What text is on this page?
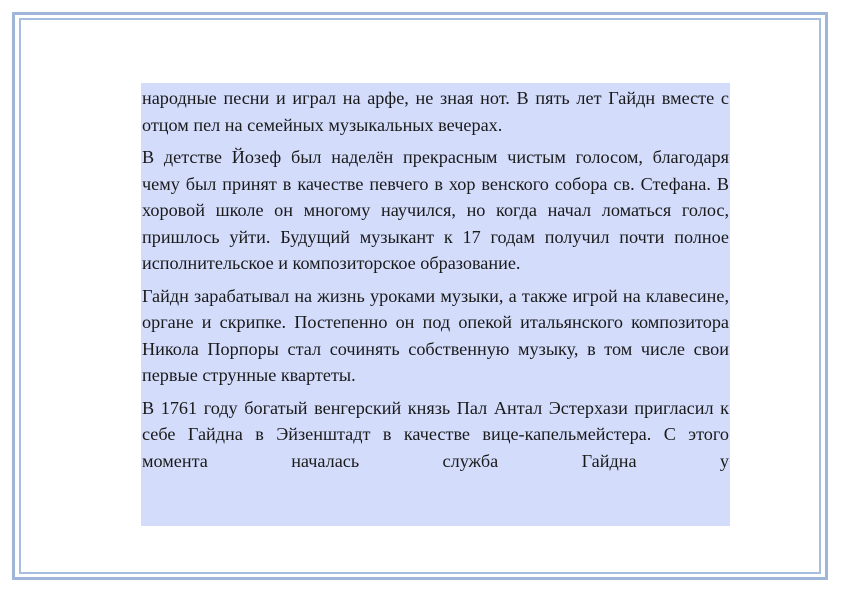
народные песни и играл на арфе, не зная нот. В пять лет Гайдн вместе с отцом пел на семейных музыкальных вечерах.

В детстве Йозеф был наделён прекрасным чистым голосом, благодаря чему был принят в качестве певчего в хор венского собора св. Стефана. В хоровой школе он многому научился, но когда начал ломаться голос, пришлось уйти. Будущий музыкант к 17 годам получил почти полное исполнительское и композиторское образование.

Гайдн зарабатывал на жизнь уроками музыки, а также игрой на клавесине, органе и скрипке. Постепенно он под опекой итальянского композитора Никола Порпоры стал сочинять собственную музыку, в том числе свои первые струнные квартеты.

В 1761 году богатый венгерский князь Пал Антал Эстерхази пригласил к себе Гайдна в Эйзенштадт в качестве вице-капельмейстера. С этого момента началась служба Гайдна у
